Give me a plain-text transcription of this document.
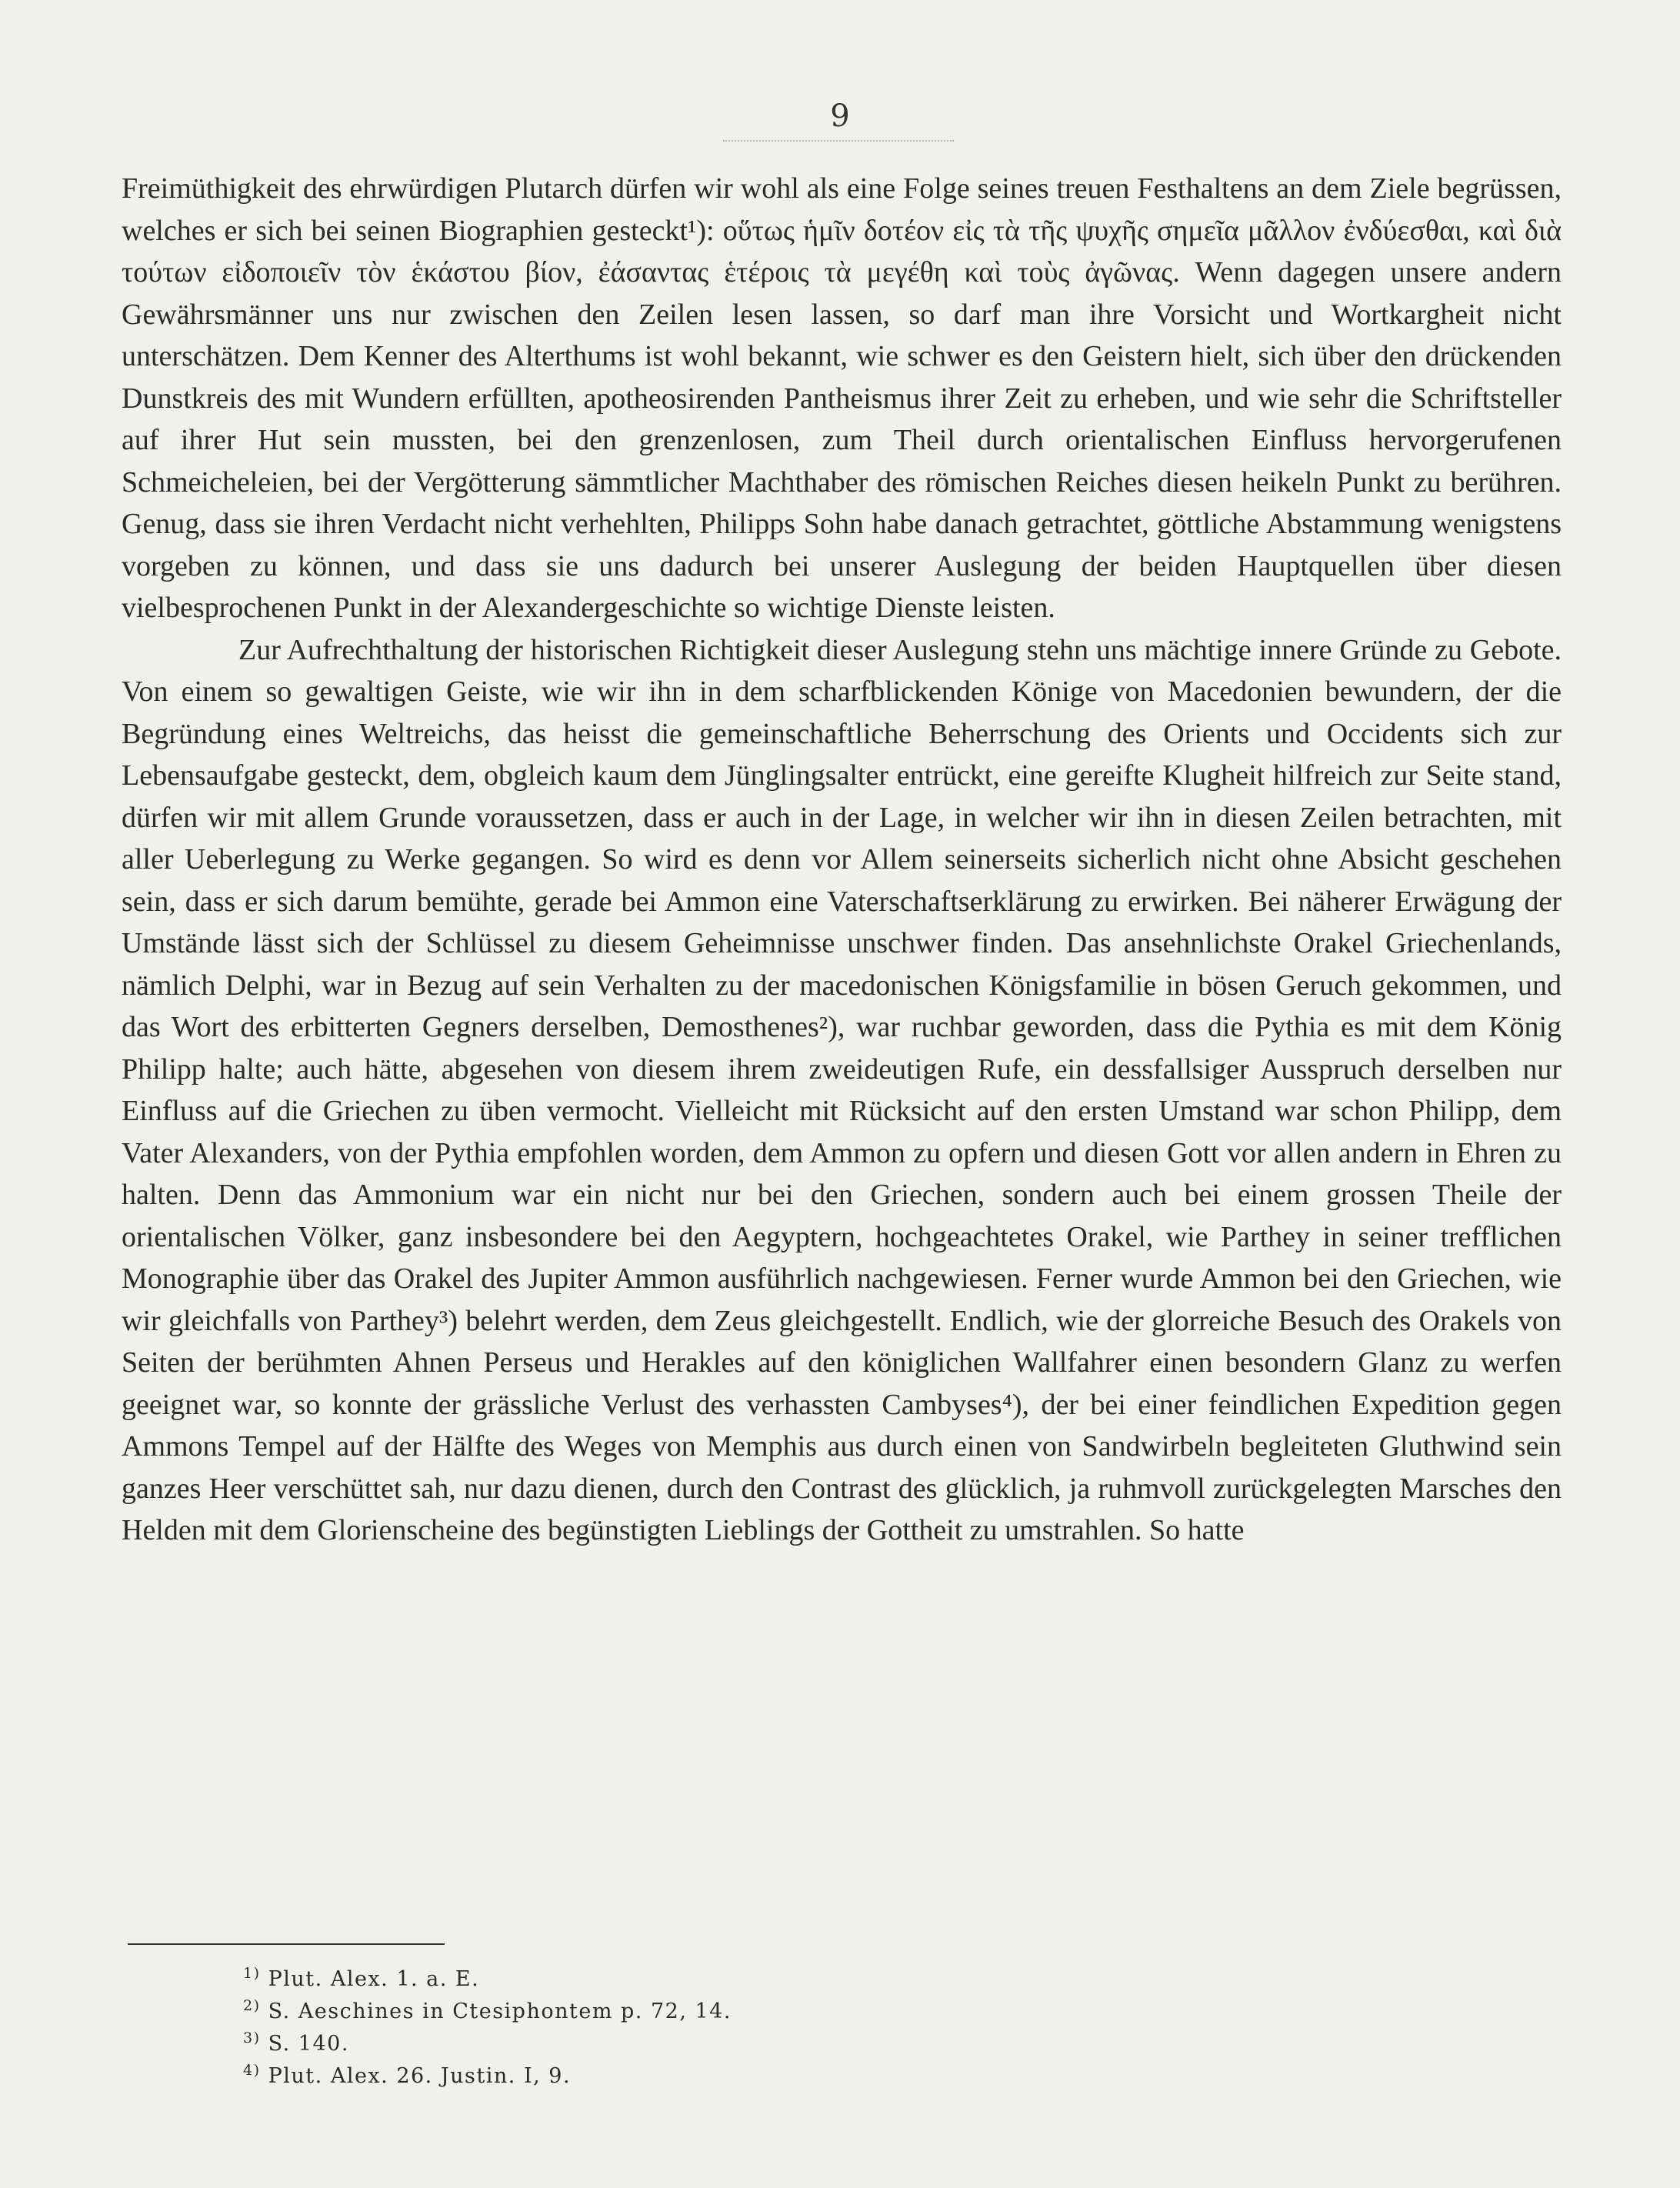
9

Freimüthigkeit des ehrwürdigen Plutarch dürfen wir wohl als eine Folge seines treuen Festhaltens an dem Ziele begrüssen, welches er sich bei seinen Biographien gesteckt¹): οὕτως ἡμῖν δοτέον εἰς τὰ τῆς ψυχῆς σημεῖα μᾶλλον ἐνδύεσθαι, καὶ διὰ τούτων εἰδοποιεῖν τὸν ἑκάστου βίον, ἐάσαντας ἑτέροις τὰ μεγέθη καὶ τοὺς ἀγῶνας. Wenn dagegen unsere andern Gewährsmänner uns nur zwischen den Zeilen lesen lassen, so darf man ihre Vorsicht und Wortkargheit nicht unterschätzen. Dem Kenner des Alterthums ist wohl bekannt, wie schwer es den Geistern hielt, sich über den drückenden Dunstkreis des mit Wundern erfüllten, apotheosirenden Pantheismus ihrer Zeit zu erheben, und wie sehr die Schriftsteller auf ihrer Hut sein mussten, bei den grenzenlosen, zum Theil durch orientalischen Einfluss hervorgerufenen Schmeicheleien, bei der Vergötterung sämmtlicher Machthaber des römischen Reiches diesen heikeln Punkt zu berühren. Genug, dass sie ihren Verdacht nicht verhehlten, Philipps Sohn habe danach getrachtet, göttliche Abstammung wenigstens vorgeben zu können, und dass sie uns dadurch bei unserer Auslegung der beiden Hauptquellen über diesen vielbesprochenen Punkt in der Alexandergeschichte so wichtige Dienste leisten.

Zur Aufrechthaltung der historischen Richtigkeit dieser Auslegung stehn uns mächtige innere Gründe zu Gebote. Von einem so gewaltigen Geiste, wie wir ihn in dem scharfblickenden Könige von Macedonien bewundern, der die Begründung eines Weltreichs, das heisst die gemeinschaftliche Beherrschung des Orients und Occidents sich zur Lebensaufgabe gesteckt, dem, obgleich kaum dem Jünglingsalter entrückt, eine gereifte Klugheit hilfreich zur Seite stand, dürfen wir mit allem Grunde voraussetzen, dass er auch in der Lage, in welcher wir ihn in diesen Zeilen betrachten, mit aller Ueberlegung zu Werke gegangen. So wird es denn vor Allem seinerseits sicherlich nicht ohne Absicht geschehen sein, dass er sich darum bemühte, gerade bei Ammon eine Vaterschaftserklärung zu erwirken. Bei näherer Erwägung der Umstände lässt sich der Schlüssel zu diesem Geheimnisse unschwer finden. Das ansehnlichste Orakel Griechenlands, nämlich Delphi, war in Bezug auf sein Verhalten zu der macedonischen Königsfamilie in bösen Geruch gekommen, und das Wort des erbitterten Gegners derselben, Demosthenes²), war ruchbar geworden, dass die Pythia es mit dem König Philipp halte; auch hätte, abgesehen von diesem ihrem zweideutigen Rufe, ein dessfallsiger Ausspruch derselben nur Einfluss auf die Griechen zu üben vermocht. Vielleicht mit Rücksicht auf den ersten Umstand war schon Philipp, dem Vater Alexanders, von der Pythia empfohlen worden, dem Ammon zu opfern und diesen Gott vor allen andern in Ehren zu halten. Denn das Ammonium war ein nicht nur bei den Griechen, sondern auch bei einem grossen Theile der orientalischen Völker, ganz insbesondere bei den Aegyptern, hochgeachtetes Orakel, wie Parthey in seiner trefflichen Monographie über das Orakel des Jupiter Ammon ausführlich nachgewiesen. Ferner wurde Ammon bei den Griechen, wie wir gleichfalls von Parthey³) belehrt werden, dem Zeus gleichgestellt. Endlich, wie der glorreiche Besuch des Orakels von Seiten der berühmten Ahnen Perseus und Herakles auf den königlichen Wallfahrer einen besondern Glanz zu werfen geeignet war, so konnte der grässliche Verlust des verhassten Cambyses⁴), der bei einer feindlichen Expedition gegen Ammons Tempel auf der Hälfte des Weges von Memphis aus durch einen von Sandwirbeln begleiteten Gluthwind sein ganzes Heer verschüttet sah, nur dazu dienen, durch den Contrast des glücklich, ja ruhmvoll zurückgelegten Marsches den Helden mit dem Glorienscheine des begünstigten Lieblings der Gottheit zu umstrahlen. So hatte

$^{1)}$ Plut. Alex. 1. a. E.
$^{2)}$ S. Aeschines in Ctesiphontem p. 72, 14.
$^{3)}$ S. 140.
$^{4)}$ Plut. Alex. 26. Justin. I, 9.
